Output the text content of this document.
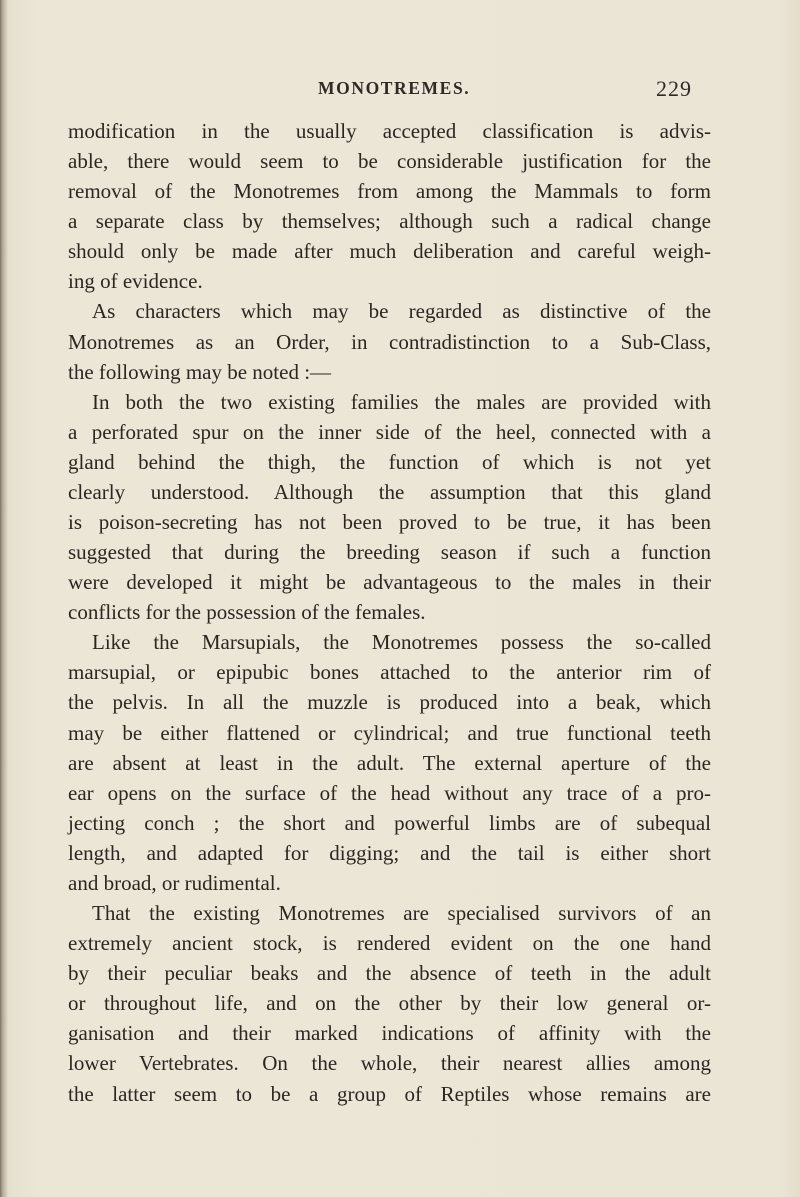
MONOTREMES.	229
modification in the usually accepted classification is advis-
able, there would seem to be considerable justification for the
removal of the Monotremes from among the Mammals to form
a separate class by themselves; although such a radical change
should only be made after much deliberation and careful weigh-
ing of evidence.
As characters which may be regarded as distinctive of the
Monotremes as an Order, in contradistinction to a Sub-Class,
the following may be noted :—
In both the two existing families the males are provided with
a perforated spur on the inner side of the heel, connected with a
gland behind the thigh, the function of which is not yet
clearly understood. Although the assumption that this gland
is poison-secreting has not been proved to be true, it has been
suggested that during the breeding season if such a function
were developed it might be advantageous to the males in their
conflicts for the possession of the females.
Like the Marsupials, the Monotremes possess the so-called
marsupial, or epipubic bones attached to the anterior rim of
the pelvis. In all the muzzle is produced into a beak, which
may be either flattened or cylindrical; and true functional teeth
are absent at least in the adult. The external aperture of the
ear opens on the surface of the head without any trace of a pro-
jecting conch ; the short and powerful limbs are of subequal
length, and adapted for digging; and the tail is either short
and broad, or rudimental.
That the existing Monotremes are specialised survivors of an
extremely ancient stock, is rendered evident on the one hand
by their peculiar beaks and the absence of teeth in the adult
or throughout life, and on the other by their low general or-
ganisation and their marked indications of affinity with the
lower Vertebrates. On the whole, their nearest allies among
the latter seem to be a group of Reptiles whose remains are
